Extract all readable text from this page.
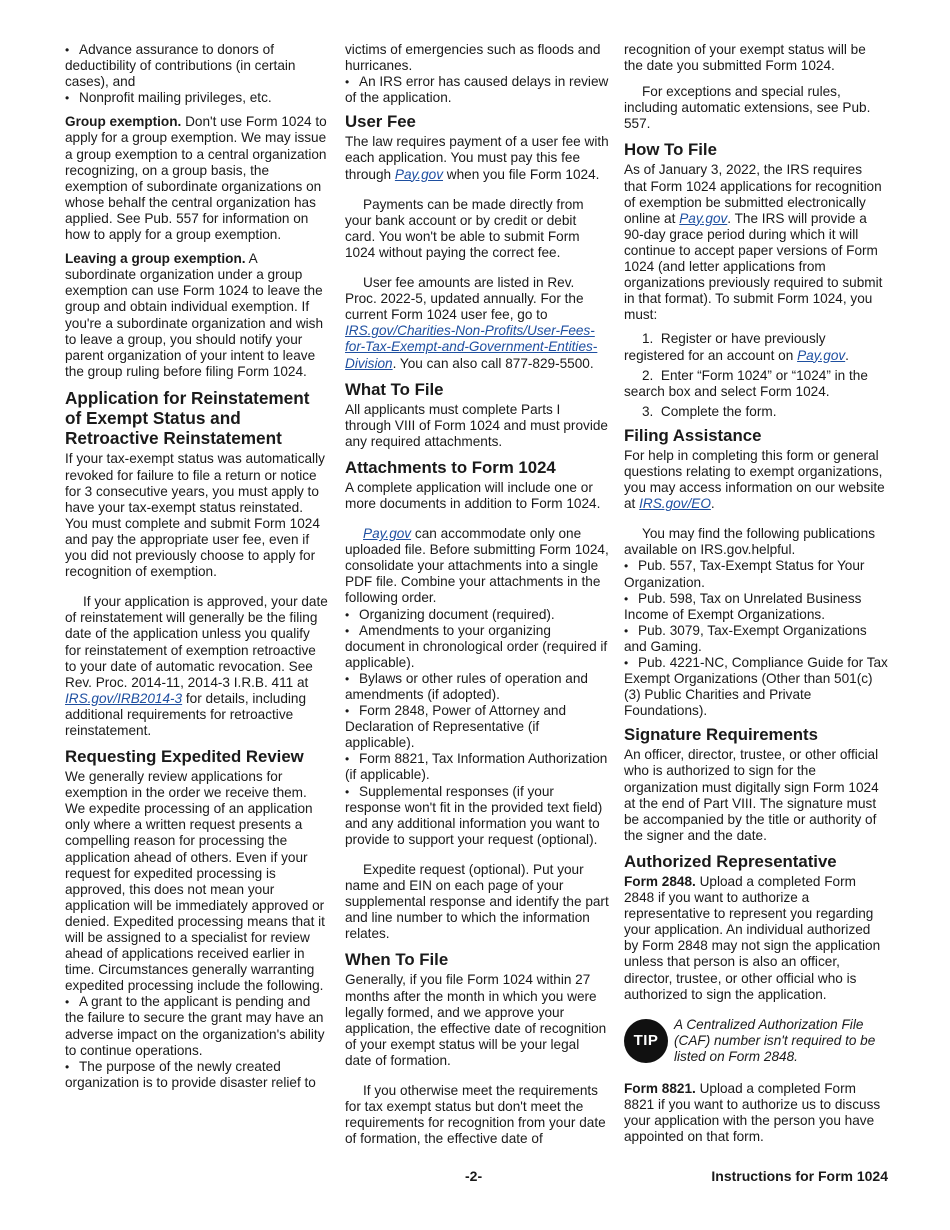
• Advance assurance to donors of deductibility of contributions (in certain cases), and
• Nonprofit mailing privileges, etc.

Group exemption. Don't use Form 1024 to apply for a group exemption. We may issue a group exemption to a central organization recognizing, on a group basis, the exemption of subordinate organizations on whose behalf the central organization has applied. See Pub. 557 for information on how to apply for a group exemption.

Leaving a group exemption. A subordinate organization under a group exemption can use Form 1024 to leave the group and obtain individual exemption. If you're a subordinate organization and wish to leave a group, you should notify your parent organization of your intent to leave the group ruling before filing Form 1024.

Application for Reinstatement of Exempt Status and Retroactive Reinstatement

If your tax-exempt status was automatically revoked for failure to file a return or notice for 3 consecutive years, you must apply to have your tax-exempt status reinstated. You must complete and submit Form 1024 and pay the appropriate user fee, even if you did not previously choose to apply for recognition of exemption.

If your application is approved, your date of reinstatement will generally be the filing date of the application unless you qualify for reinstatement of exemption retroactive to your date of automatic revocation. See Rev. Proc. 2014-11, 2014-3 I.R.B. 411 at IRS.gov/IRB2014-3 for details, including additional requirements for retroactive reinstatement.

Requesting Expedited Review

We generally review applications for exemption in the order we receive them. We expedite processing of an application only where a written request presents a compelling reason for processing the application ahead of others. Even if your request for expedited processing is approved, this does not mean your application will be immediately approved or denied. Expedited processing means that it will be assigned to a specialist for review ahead of applications received earlier in time. Circumstances generally warranting expedited processing include the following.

• A grant to the applicant is pending and the failure to secure the grant may have an adverse impact on the organization's ability to continue operations.
• The purpose of the newly created organization is to provide disaster relief to

victims of emergencies such as floods and hurricanes.

• An IRS error has caused delays in review of the application.
User Fee

The law requires payment of a user fee with each application. You must pay this fee through Pay.gov when you file Form 1024.

Payments can be made directly from your bank account or by credit or debit card. You won't be able to submit Form 1024 without paying the correct fee.

User fee amounts are listed in Rev. Proc. 2022-5, updated annually. For the current Form 1024 user fee, go to IRS.gov/Charities-Non-Profits/User-Fees-for-Tax-Exempt-and-Government-Entities-Division. You can also call 877-829-5500.

What To File

All applicants must complete Parts I through VIII of Form 1024 and must provide any required attachments.

Attachments to Form 1024

A complete application will include one or more documents in addition to Form 1024.

Pay.gov can accommodate only one uploaded file. Before submitting Form 1024, consolidate your attachments into a single PDF file. Combine your attachments in the following order.

• Organizing document (required).
• Amendments to your organizing document in chronological order (required if applicable).
• Bylaws or other rules of operation and amendments (if adopted).
• Form 2848, Power of Attorney and Declaration of Representative (if applicable).
• Form 8821, Tax Information Authorization (if applicable).
• Supplemental responses (if your response won't fit in the provided text field) and any additional information you want to provide to support your request (optional).

Expedite request (optional). Put your name and EIN on each page of your supplemental response and identify the part and line number to which the information relates.

When To File

Generally, if you file Form 1024 within 27 months after the month in which you were legally formed, and we approve your application, the effective date of recognition of your exempt status will be your legal date of formation.

If you otherwise meet the requirements for tax exempt status but don't meet the requirements for recognition from your date of formation, the effective date of

recognition of your exempt status will be the date you submitted Form 1024.

For exceptions and special rules, including automatic extensions, see Pub. 557.

How To File

As of January 3, 2022, the IRS requires that Form 1024 applications for recognition of exemption be submitted electronically online at Pay.gov. The IRS will provide a 90-day grace period during which it will continue to accept paper versions of Form 1024 (and letter applications from organizations previously required to submit in that format). To submit Form 1024, you must:

1.  Register or have previously registered for an account on Pay.gov.

2.  Enter “Form 1024” or “1024” in the search box and select Form 1024.

3.  Complete the form.

Filing Assistance

For help in completing this form or general questions relating to exempt organizations, you may access information on our website at IRS.gov/EO.

You may find the following publications available on IRS.gov.helpful.

• Pub. 557, Tax-Exempt Status for Your Organization.
• Pub. 598, Tax on Unrelated Business Income of Exempt Organizations.
• Pub. 3079, Tax-Exempt Organizations and Gaming.
• Pub. 4221-NC, Compliance Guide for Tax Exempt Organizations (Other than 501(c)(3) Public Charities and Private Foundations).
Signature Requirements

An officer, director, trustee, or other official who is authorized to sign for the organization must digitally sign Form 1024 at the end of Part VIII. The signature must be accompanied by the title or authority of the signer and the date.

Authorized Representative

Form 2848. Upload a completed Form 2848 if you want to authorize a representative to represent you regarding your application. An individual authorized by Form 2848 may not sign the application unless that person is also an officer, director, trustee, or other official who is authorized to sign the application.

TIP
A Centralized Authorization File (CAF) number isn't required to be listed on Form 2848.

Form 8821. Upload a completed Form 8821 if you want to authorize us to discuss your application with the person you have appointed on that form.

-2-	Instructions for Form 1024
